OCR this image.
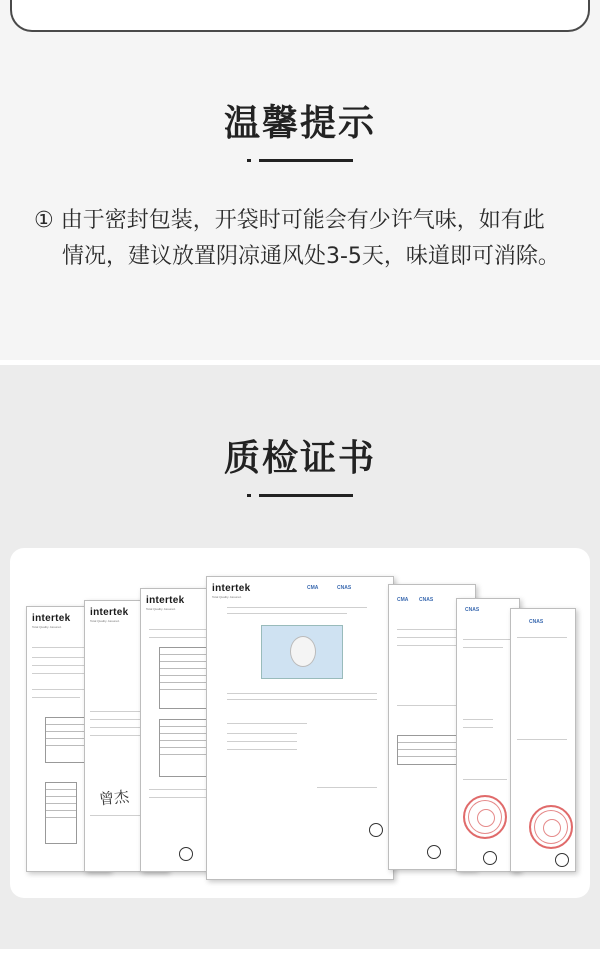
温馨提示
① 由于密封包装，开袋时可能会有少许气味，如有此情况，建议放置阴凉通风处3-5天，味道即可消除。
质检证书
intertek
Total Quality. Assured.
intertek
Total Quality. Assured.
曾杰
intertek
Total Quality. Assured.
intertek
Total Quality. Assured.
CMA	CNAS
CMA CNAS
CNAS
CNAS
